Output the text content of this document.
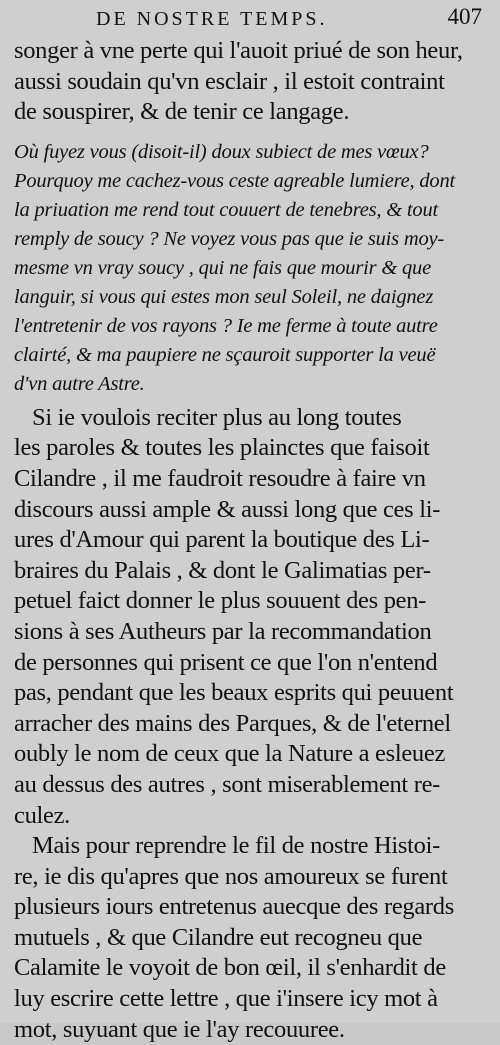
DE NOSTRE TEMPS.	407
songer à vne perte qui l'auoit priué de son heur,
aussi soudain qu'vn esclair , il estoit contraint
de souspirer, & de tenir ce langage.
Où fuyez vous (disoit-il) doux subiect de mes vœux?
Pourquoy me cachez-vous ceste agreable lumiere, dont
la priuation me rend tout couuert de tenebres, & tout
remply de soucy ? Ne voyez vous pas que ie suis moy-
mesme vn vray soucy , qui ne fais que mourir & que
languir, si vous qui estes mon seul Soleil, ne daignez
l'entretenir de vos rayons ? Ie me ferme à toute autre
clairté, & ma paupiere ne sçauroit supporter la veuë
d'vn autre Astre.
Si ie voulois reciter plus au long toutes
les paroles & toutes les plainctes que faisoit
Cilandre , il me faudroit resoudre à faire vn
discours aussi ample & aussi long que ces li-
ures d'Amour qui parent la boutique des Li-
braires du Palais , & dont le Galimatias per-
petuel faict donner le plus souuent des pen-
sions à ses Autheurs par la recommandation
de personnes qui prisent ce que l'on n'entend
pas, pendant que les beaux esprits qui peuuent
arracher des mains des Parques, & de l'eternel
oubly le nom de ceux que la Nature a esleuez
au dessus des autres , sont miserablement re-
culez.
Mais pour reprendre le fil de nostre Histoi-
re, ie dis qu'apres que nos amoureux se furent
plusieurs iours entretenus auecque des regards
mutuels , & que Cilandre eut recogneu que
Calamite le voyoit de bon œil, il s'enhardit de
luy escrire cette lettre , que i'insere icy mot à
mot, suyuant que ie l'ay recouuree.
